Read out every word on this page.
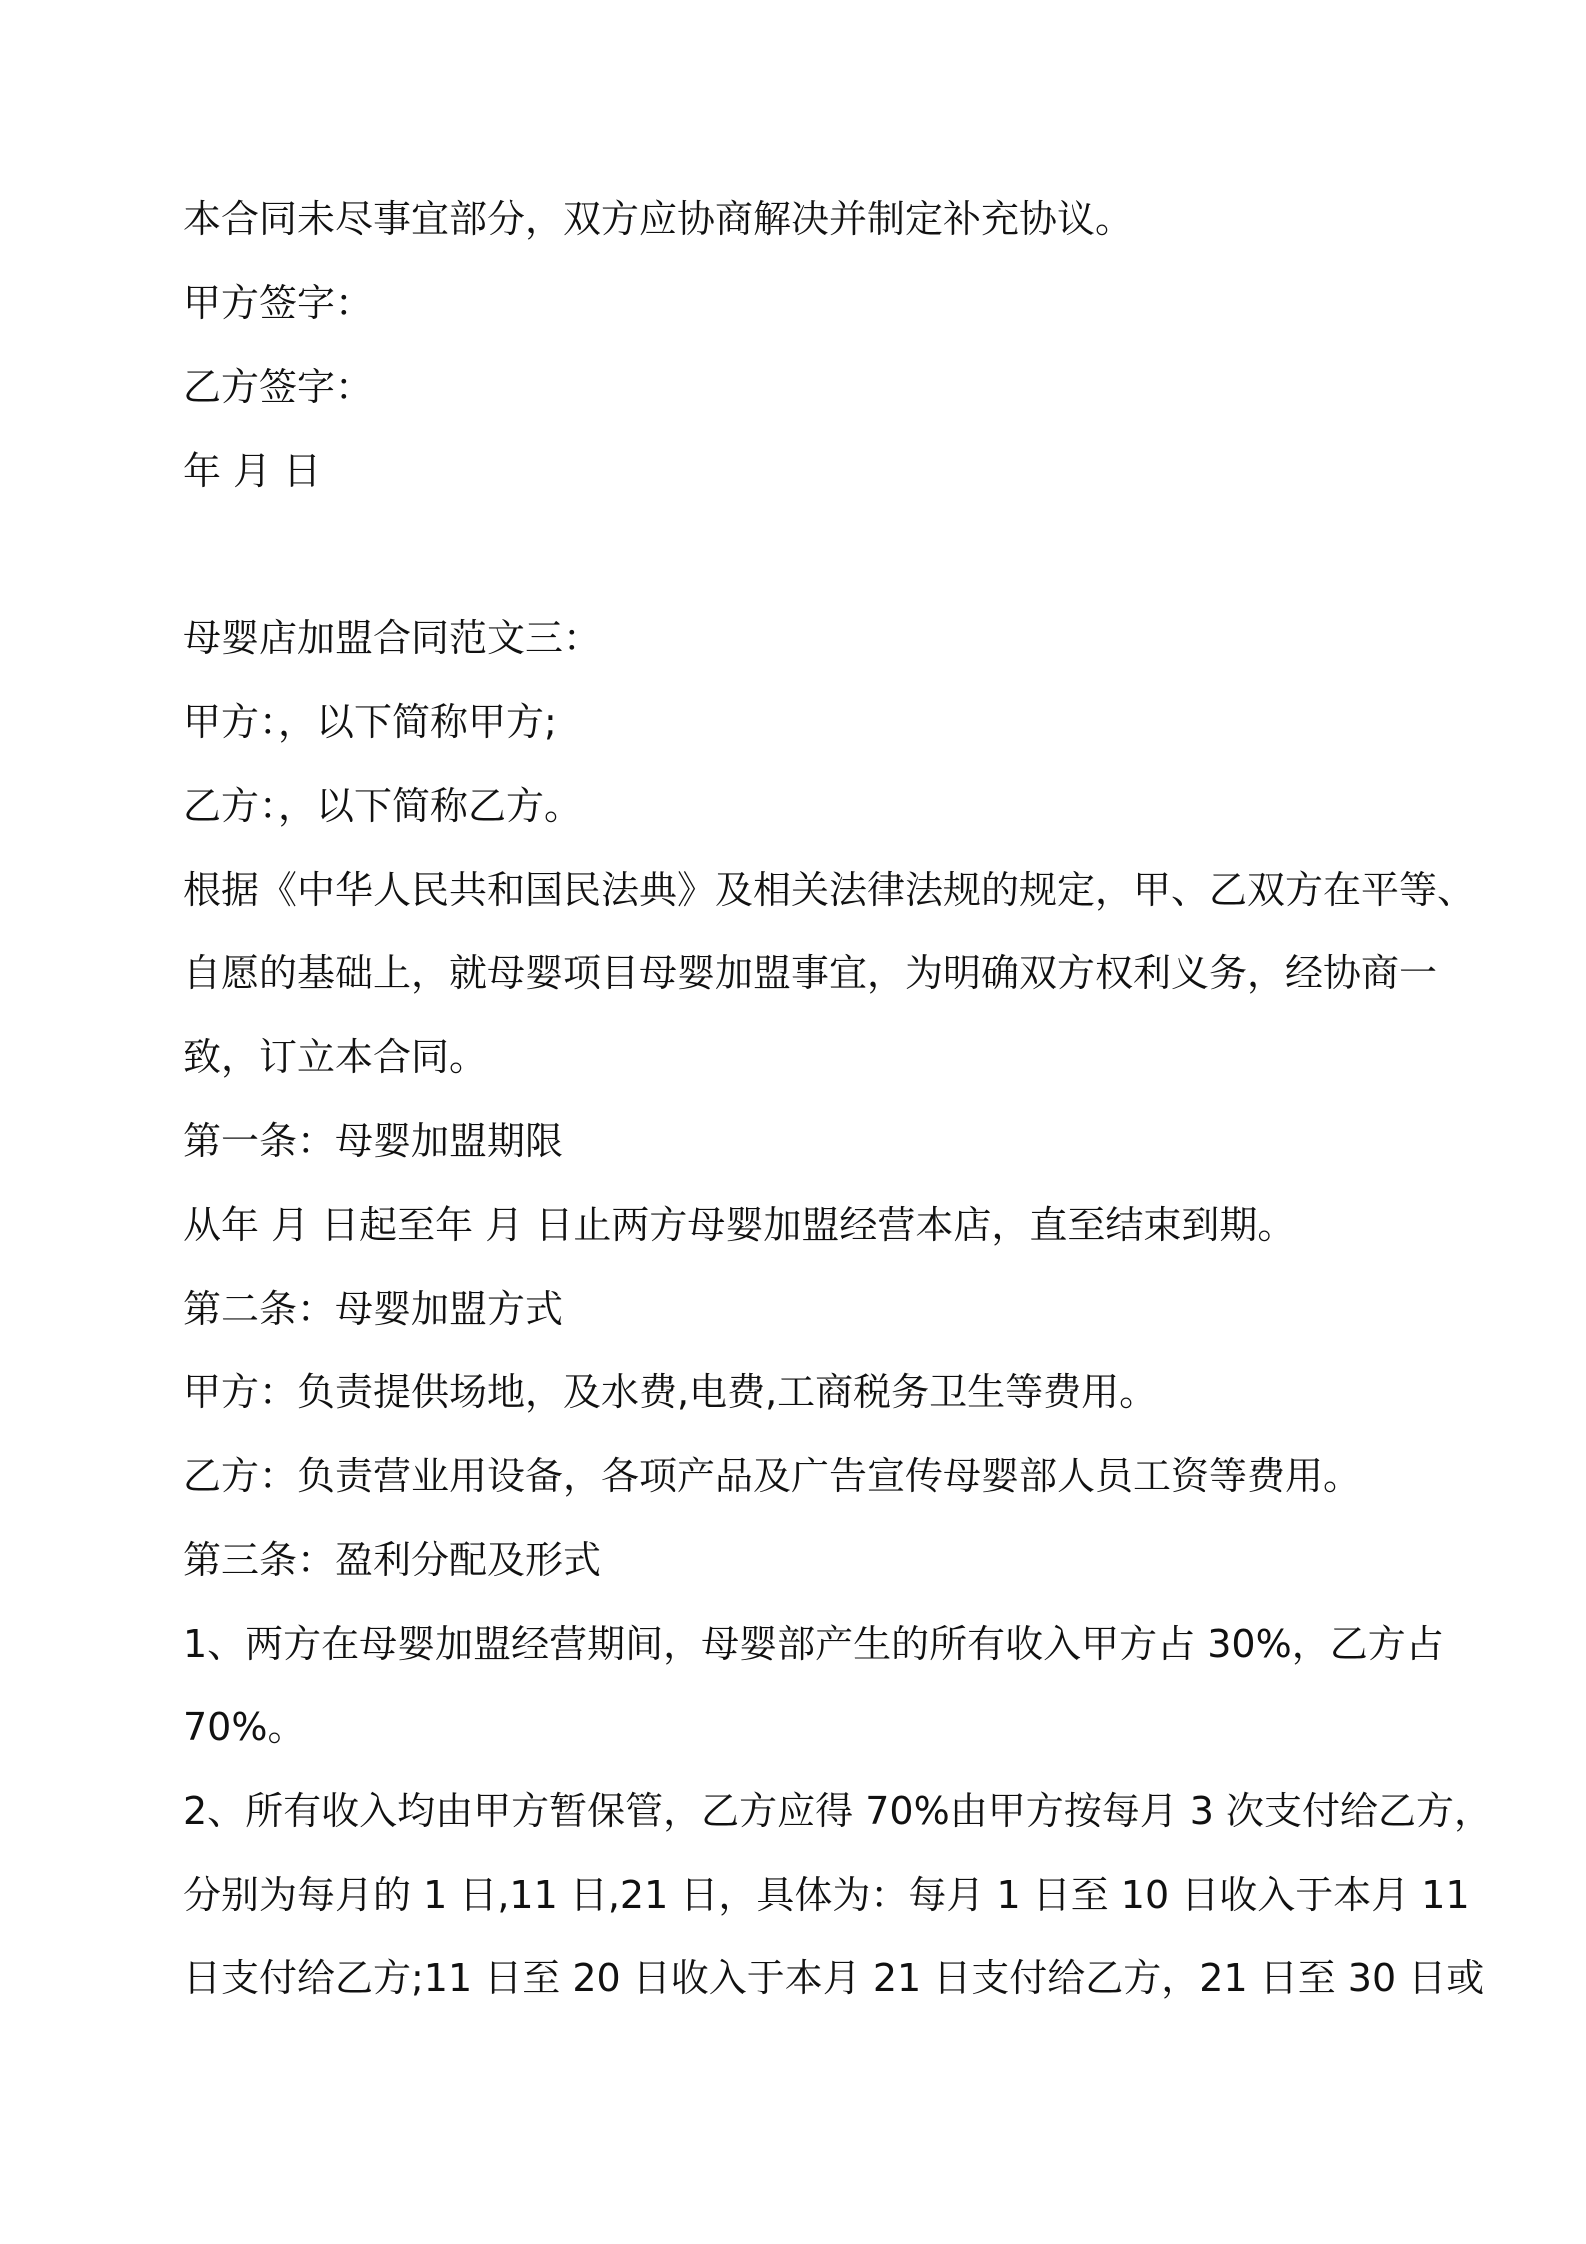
本合同未尽事宜部分，双方应协商解决并制定补充协议。
甲方签字：
乙方签字：
年 月 日
母婴店加盟合同范文三：
甲方：，以下简称甲方;
乙方：，以下简称乙方。
根据《中华人民共和国民法典》及相关法律法规的规定，甲、乙双方在平等、
自愿的基础上，就母婴项目母婴加盟事宜，为明确双方权利义务，经协商一
致，订立本合同。
第一条：母婴加盟期限
从年 月 日起至年 月 日止两方母婴加盟经营本店，直至结束到期。
第二条：母婴加盟方式
甲方：负责提供场地，及水费,电费,工商税务卫生等费用。
乙方：负责营业用设备，各项产品及广告宣传母婴部人员工资等费用。
第三条：盈利分配及形式
1、两方在母婴加盟经营期间，母婴部产生的所有收入甲方占 30%，乙方占
70%。
2、所有收入均由甲方暂保管，乙方应得 70%由甲方按每月 3 次支付给乙方，
分别为每月的 1 日,11 日,21 日，具体为：每月 1 日至 10 日收入于本月 11
日支付给乙方;11 日至 20 日收入于本月 21 日支付给乙方，21 日至 30 日或
